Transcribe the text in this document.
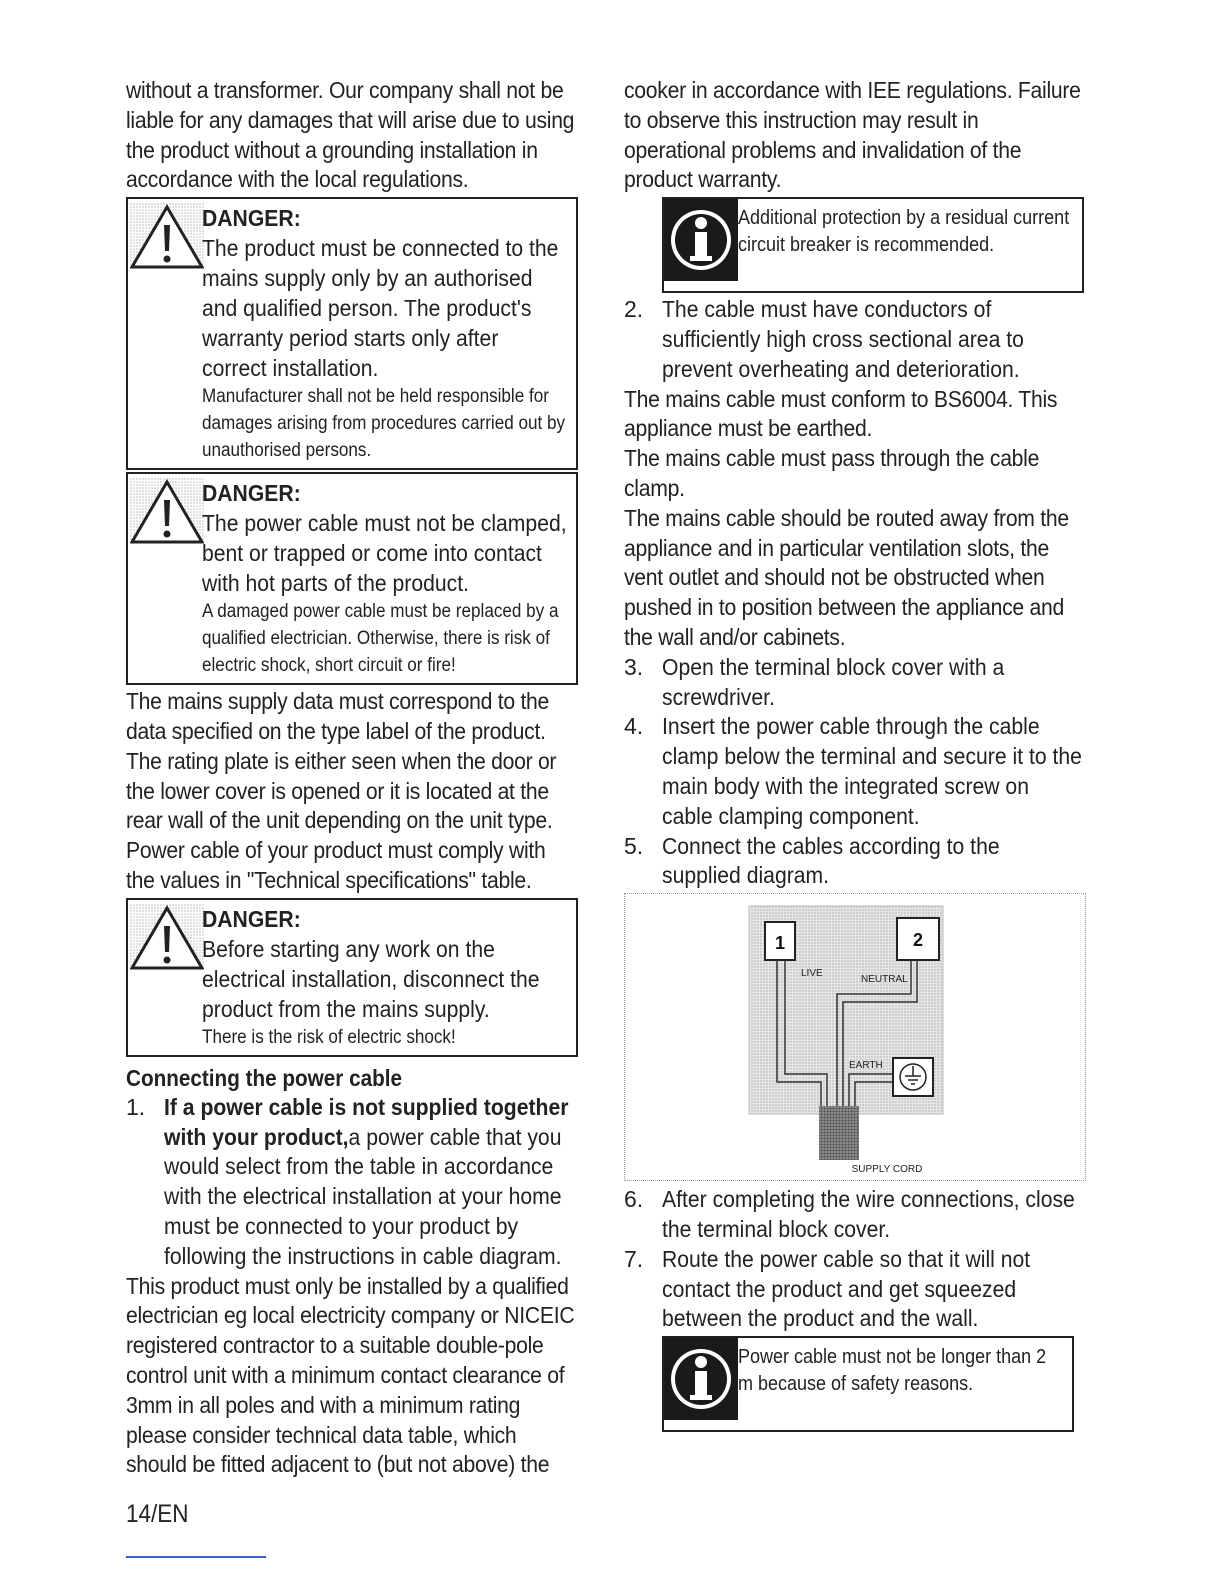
without a transformer. Our company shall not be liable for any damages that will arise due to using the product without a grounding installation in accordance with the local regulations.

DANGER:
The product must be connected to the mains supply only by an authorised and qualified person. The product's warranty period starts only after correct installation.
Manufacturer shall not be held responsible for damages arising from procedures carried out by unauthorised persons.
DANGER:
The power cable must not be clamped, bent or trapped or come into contact with hot parts of the product.
A damaged power cable must be replaced by a qualified electrician. Otherwise, there is risk of electric shock, short circuit or fire!

The mains supply data must correspond to the data specified on the type label of the product. The rating plate is either seen when the door or the lower cover is opened or it is located at the rear wall of the unit depending on the unit type. Power cable of your product must comply with the values in "Technical specifications" table.

DANGER:
Before starting any work on the electrical installation, disconnect the product from the mains supply.
There is the risk of electric shock!
Connecting the power cable
1. If a power cable is not supplied together with your product,a power cable that you would select from the table in accordance with the electrical installation at your home must be connected to your product by following the instructions in cable diagram.

This product must only be installed by a qualified electrician eg local electricity company or NICEIC registered contractor to a suitable double-pole control unit with a minimum contact clearance of 3mm in all poles and with a minimum rating please consider technical data table, which should be fitted adjacent to (but not above) the

cooker in accordance with IEE regulations. Failure to observe this instruction may result in operational problems and invalidation of the product warranty.

Additional protection by a residual current circuit breaker is recommended.
2. The cable must have conductors of sufficiently high cross sectional area to prevent overheating and deterioration.

The mains cable must conform to BS6004. This appliance must be earthed.

The mains cable must pass through the cable clamp.

The mains cable should be routed away from the appliance and in particular ventilation slots, the vent outlet and should not be obstructed when pushed in to position between the appliance and the wall and/or cabinets.

3. Open the terminal block cover with a screwdriver.
4. Insert the power cable through the cable clamp below the terminal and secure it to the main body with the integrated screw on cable clamping component.
5. Connect the cables according to the supplied diagram.
1	2
LIVE
NEUTRAL
EARTH
SUPPLY CORD
6. After completing the wire connections, close the terminal block cover.
7. Route the power cable so that it will not contact the product and get squeezed between the product and the wall.
Power cable must not be longer than 2 m because of safety reasons.
14/EN
